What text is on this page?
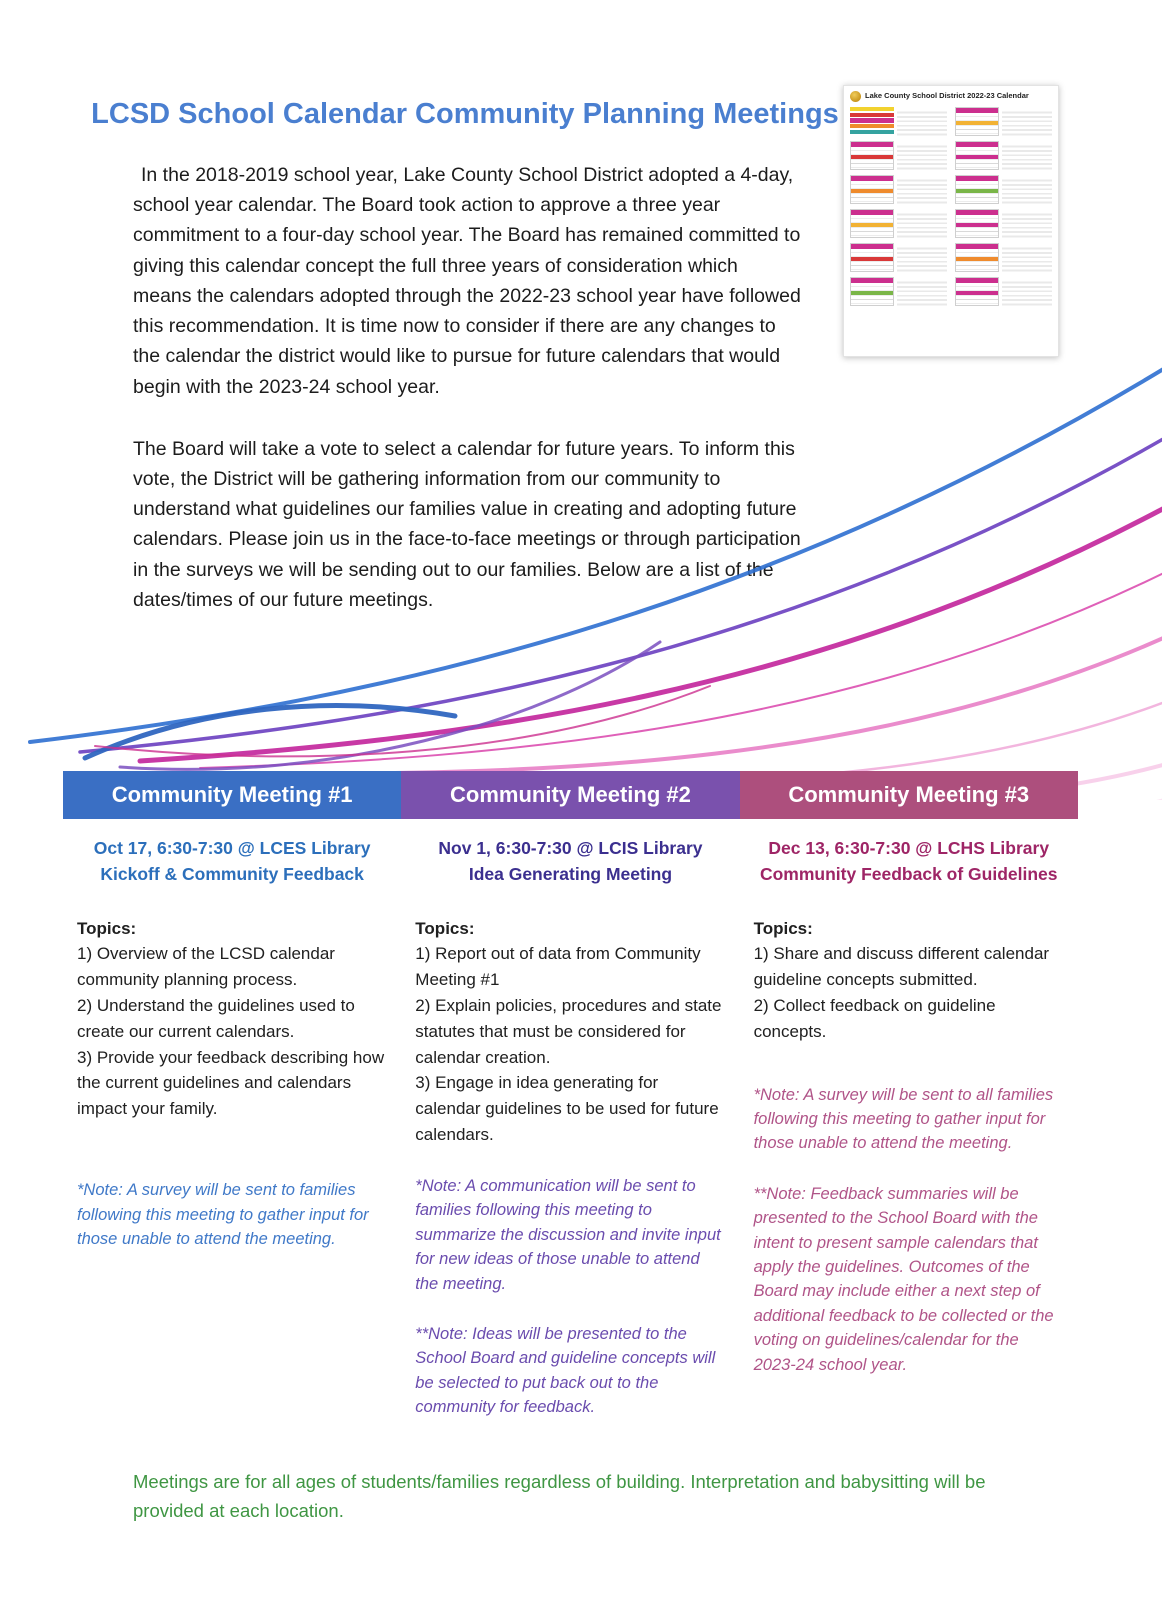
LCSD School Calendar Community Planning Meetings

In the 2018-2019 school year, Lake County School District adopted a 4-day, school year calendar. The Board took action to approve a three year commitment to a four-day school year. The Board has remained committed to giving this calendar concept the full three years of consideration which means the calendars adopted through the 2022-23 school year have followed this recommendation. It is time now to consider if there are any changes to the calendar the district would like to pursue for future calendars that would begin with the 2023-24 school year.

The Board will take a vote to select a calendar for future years. To inform this vote, the District will be gathering information from our community to understand what guidelines our families value in creating and adopting future calendars. Please join us in the face-to-face meetings or through participation in the surveys we will be sending out to our families. Below are a list of the dates/times of our future meetings.

Lake County School District 2022-23 Calendar
Community Meeting #1
Oct 17, 6:30-7:30 @ LCES Library
Kickoff & Community Feedback

Topics:

1) Overview of the LCSD calendar community planning process.

2) Understand the guidelines used to create our current calendars.

3) Provide your feedback describing how the current guidelines and calendars impact your family.

*Note: A survey will be sent to families following this meeting to gather input for those unable to attend the meeting.

Community Meeting #2
Nov 1, 6:30-7:30 @ LCIS Library
Idea Generating Meeting

Topics:

1) Report out of data from Community Meeting #1

2) Explain policies, procedures and state statutes that must be considered for calendar creation.

3) Engage in idea generating for calendar guidelines to be used for future calendars.

*Note: A communication will be sent to families following this meeting to summarize the discussion and invite input for new ideas of those unable to attend the meeting.

**Note: Ideas will be presented to the School Board and guideline concepts will be selected to put back out to the community for feedback.

Community Meeting #3
Dec 13, 6:30-7:30 @ LCHS Library
Community Feedback of Guidelines

Topics:

1) Share and discuss different calendar guideline concepts submitted.

2) Collect feedback on guideline concepts.

*Note: A survey will be sent to all families following this meeting to gather input for those unable to attend the meeting.

**Note: Feedback summaries will be presented to the School Board with the intent to present sample calendars that apply the guidelines. Outcomes of the Board may include either a next step of additional feedback to be collected or the voting on guidelines/calendar for the 2023-24 school year.

Meetings are for all ages of students/families regardless of building. Interpretation and babysitting will be provided at each location.
